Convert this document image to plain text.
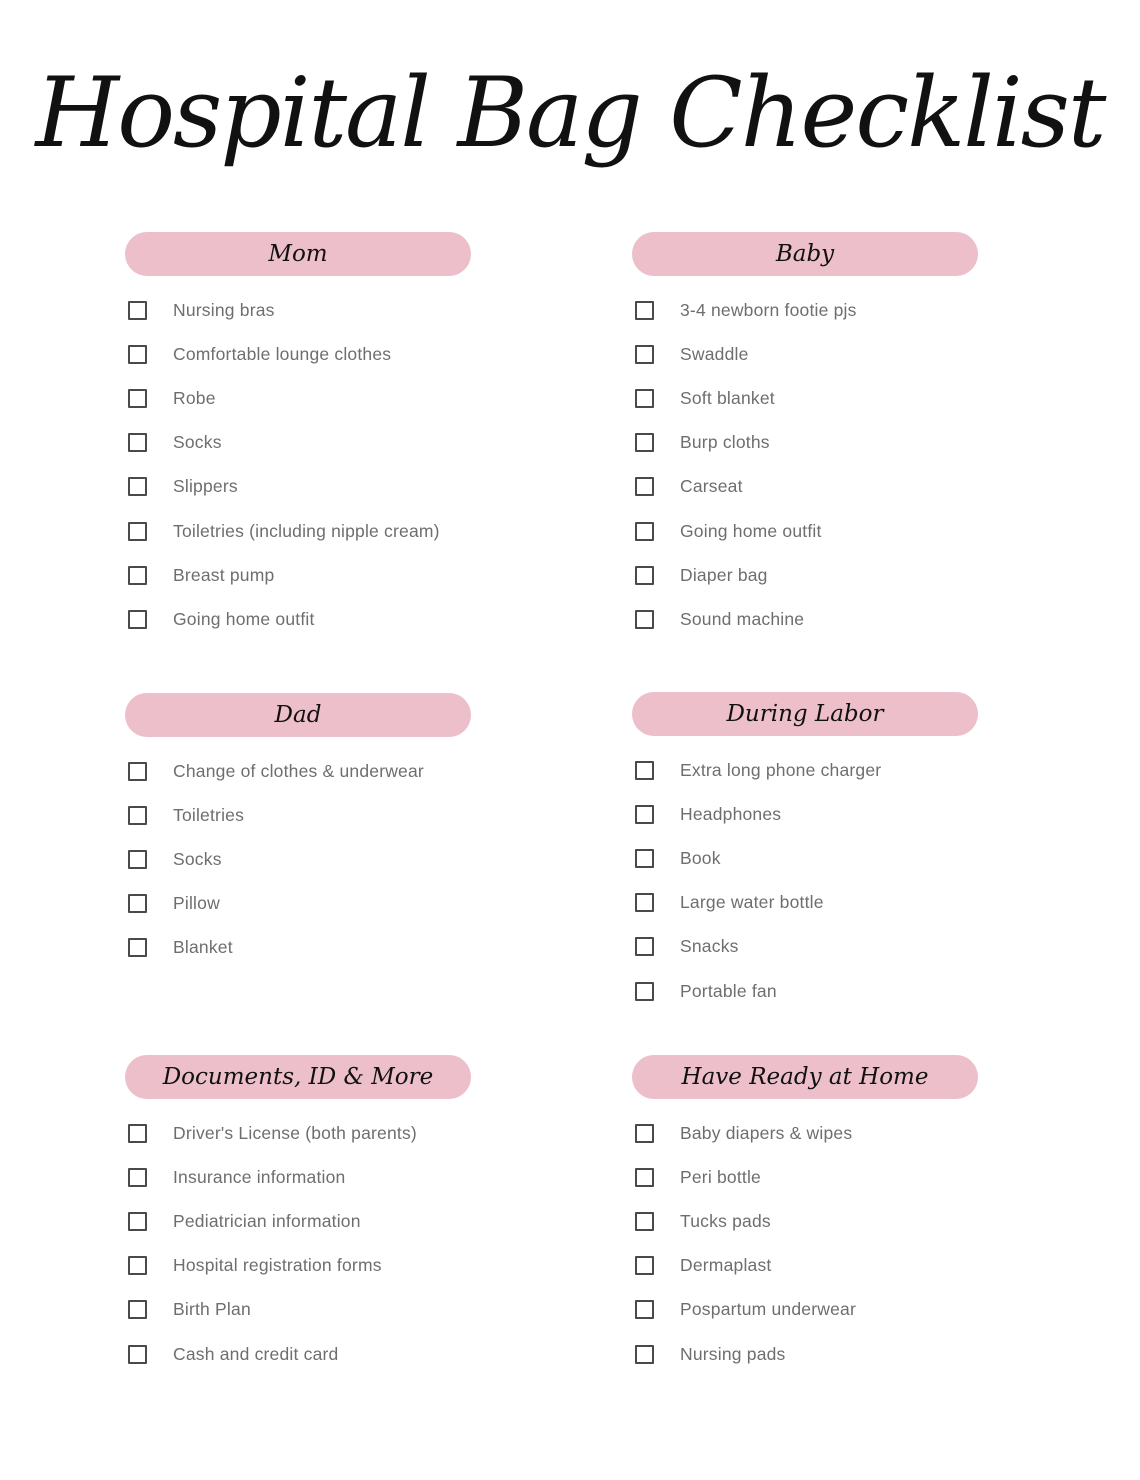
Hospital Bag Checklist
Mom
Nursing bras
Comfortable lounge clothes
Robe
Socks
Slippers
Toiletries (including nipple cream)
Breast pump
Going home outfit
Baby
3-4 newborn footie pjs
Swaddle
Soft blanket
Burp cloths
Carseat
Going home outfit
Diaper bag
Sound machine
Dad
Change of clothes & underwear
Toiletries
Socks
Pillow
Blanket
During Labor
Extra long phone charger
Headphones
Book
Large water bottle
Snacks
Portable fan
Documents, ID & More
Driver's License (both parents)
Insurance information
Pediatrician information
Hospital registration forms
Birth Plan
Cash and credit card
Have Ready at Home
Baby diapers & wipes
Peri bottle
Tucks pads
Dermaplast
Pospartum underwear
Nursing pads
